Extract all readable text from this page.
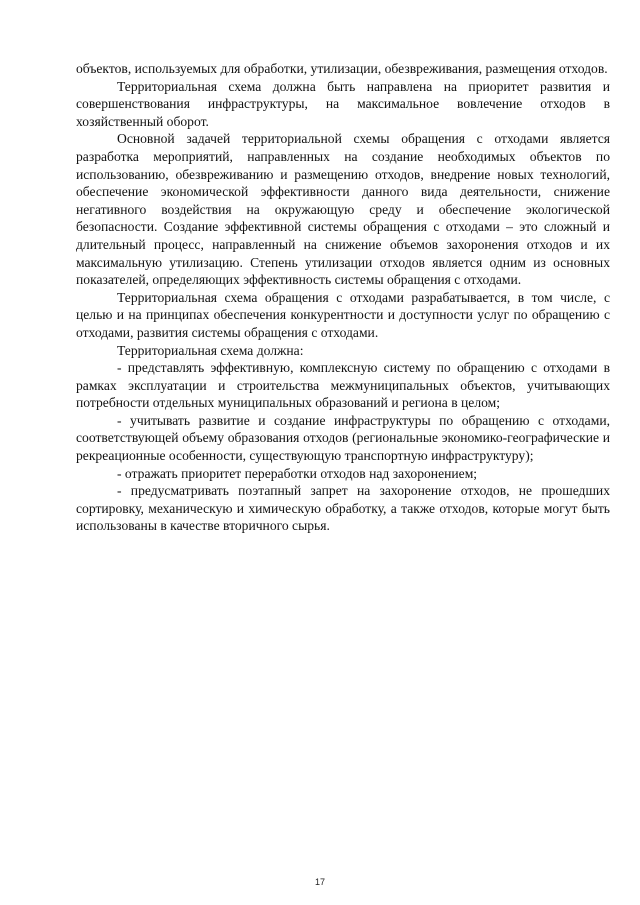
объектов, используемых для обработки, утилизации, обезвреживания, размещения отходов.

Территориальная схема должна быть направлена на приоритет развития и совершенствования инфраструктуры, на максимальное вовлечение отходов в хозяйственный оборот.

Основной задачей территориальной схемы обращения с отходами является разработка мероприятий, направленных на создание необходимых объектов по использованию, обезвреживанию и размещению отходов, внедрение новых технологий, обеспечение экономической эффективности данного вида деятельности, снижение негативного воздействия на окружающую среду и обеспечение экологической безопасности. Создание эффективной системы обращения с отходами – это сложный и длительный процесс, направленный на снижение объемов захоронения отходов и их максимальную утилизацию. Степень утилизации отходов является одним из основных показателей, определяющих эффективность системы обращения с отходами.

Территориальная схема обращения с отходами разрабатывается, в том числе, с целью и на принципах обеспечения конкурентности и доступности услуг по обращению с отходами, развития системы обращения с отходами.

Территориальная схема должна:

- представлять эффективную, комплексную систему по обращению с отходами в рамках эксплуатации и строительства межмуниципальных объектов, учитывающих потребности отдельных муниципальных образований и региона в целом;

- учитывать развитие и создание инфраструктуры по обращению с отходами, соответствующей объему образования отходов (региональные экономико-географические и рекреационные особенности, существующую транспортную инфраструктуру);

- отражать приоритет переработки отходов над захоронением;

- предусматривать поэтапный запрет на захоронение отходов, не прошедших сортировку, механическую и химическую обработку, а также отходов, которые могут быть использованы в качестве вторичного сырья.

17
